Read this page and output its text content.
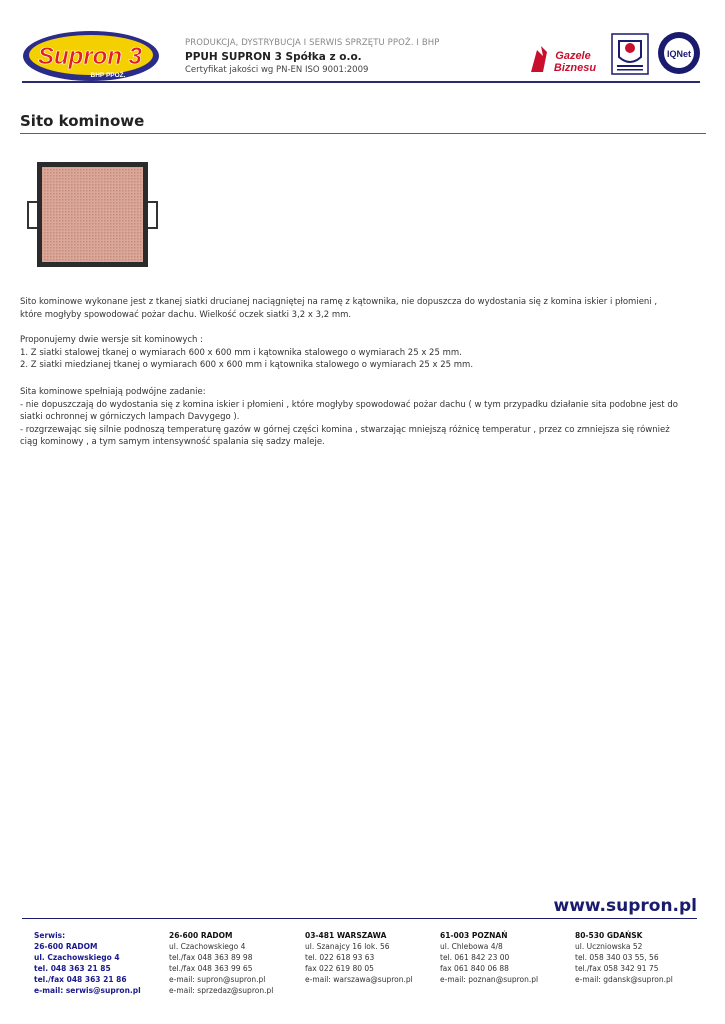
Supron 3
BHP PPOŻ.
PRODUKCJA, DYSTRYBUCJA I SERWIS SPRZĘTU PPOŻ. I BHP
PPUH SUPRON 3 Spółka z o.o.
Certyfikat jakości wg PN-EN ISO 9001:2009
Gazele
Biznesu
IQNet
Sito kominowe

Sito kominowe wykonane jest z tkanej siatki drucianej naciągniętej na ramę z kątownika, nie dopuszcza do wydostania się z komina iskier i płomieni ,

które mogłyby spowodować pożar dachu. Wielkość oczek siatki 3,2 x 3,2 mm.

Proponujemy dwie wersje sit kominowych :

1. Z siatki stalowej tkanej o wymiarach 600 x 600 mm i kątownika stalowego o wymiarach 25 x 25 mm.

2. Z siatki miedzianej tkanej o wymiarach 600 x 600 mm i kątownika stalowego o wymiarach 25 x 25 mm.

Sita kominowe spełniają podwójne zadanie:

- nie dopuszczają do wydostania się z komina iskier i płomieni , które mogłyby spowodować pożar dachu ( w tym przypadku działanie sita podobne jest do

siatki ochronnej w górniczych lampach Davygego ).

- rozgrzewając się silnie podnoszą temperaturę gazów w górnej części komina , stwarzając mniejszą różnicę temperatur , przez co zmniejsza się również

ciąg kominowy , a tym samym intensywność spalania się sadzy maleje.

www.supron.pl
Serwis:
26-600 RADOM
ul. Czachowskiego 4
tel. 048 363 21 85
tel./fax 048 363 21 86
e-mail: serwis@supron.pl
26-600 RADOM
ul. Czachowskiego 4
tel./fax 048 363 89 98
tel./fax 048 363 99 65
e-mail: supron@supron.pl
e-mail: sprzedaz@supron.pl
03-481 WARSZAWA
ul. Szanajcy 16 lok. 56
tel. 022 618 93 63
fax 022 619 80 05
e-mail: warszawa@supron.pl
61-003 POZNAŃ
ul. Chlebowa 4/8
tel. 061 842 23 00
fax 061 840 06 88
e-mail: poznan@supron.pl
80-530 GDAŃSK
ul. Uczniowska 52
tel. 058 340 03 55, 56
tel./fax 058 342 91 75
e-mail: gdansk@supron.pl
